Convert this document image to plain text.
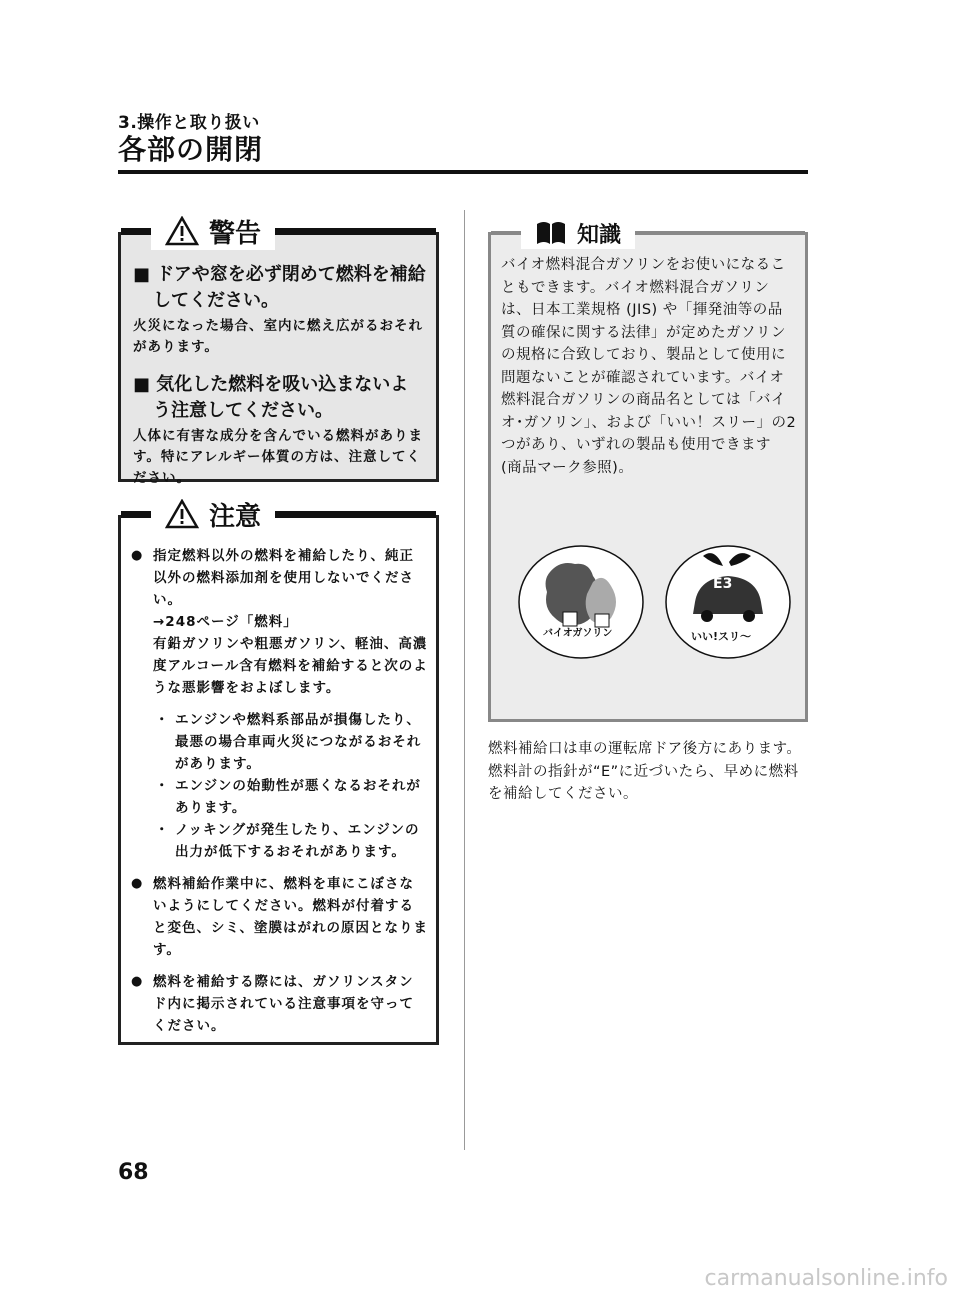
3.操作と取り扱い
各部の開閉
警告
■ ドアや窓を必ず閉めて燃料を補給してください。
火災になった場合、室内に燃え広がるおそれがあります。
■ 気化した燃料を吸い込まないよう注意してください。
人体に有害な成分を含んでいる燃料があります。特にアレルギー体質の方は、注意してください。
注意
● 指定燃料以外の燃料を補給したり、純正以外の燃料添加剤を使用しないでください。
→248ページ「燃料」
有鉛ガソリンや粗悪ガソリン、軽油、高濃度アルコール含有燃料を補給すると次のような悪影響をおよぼします。
・ エンジンや燃料系部品が損傷したり、最悪の場合車両火災につながるおそれがあります。
・ エンジンの始動性が悪くなるおそれがあります。
・ ノッキングが発生したり、エンジンの出力が低下するおそれがあります。
● 燃料補給作業中に、燃料を車にこぼさないようにしてください。燃料が付着すると変色、シミ、塗膜はがれの原因となります。
● 燃料を補給する際には、ガソリンスタンド内に掲示されている注意事項を守ってください。
知識
バイオ燃料混合ガソリンをお使いになることもできます。バイオ燃料混合ガソリンは、日本工業規格 (JIS) や「揮発油等の品質の確保に関する法律」が定めたガソリンの規格に合致しており、製品として使用に問題ないことが確認されています。バイオ燃料混合ガソリンの商品名としては「バイオ･ガソリン」、および「いい！スリー」の2つがあり、いずれの製品も使用できます (商品マーク参照)。
バイオガソリン
E3
いい!スリ〜
燃料補給口は車の運転席ドア後方にあります。
燃料計の指針が“E”に近づいたら、早めに燃料を補給してください。
68
carmanualsonline.info
